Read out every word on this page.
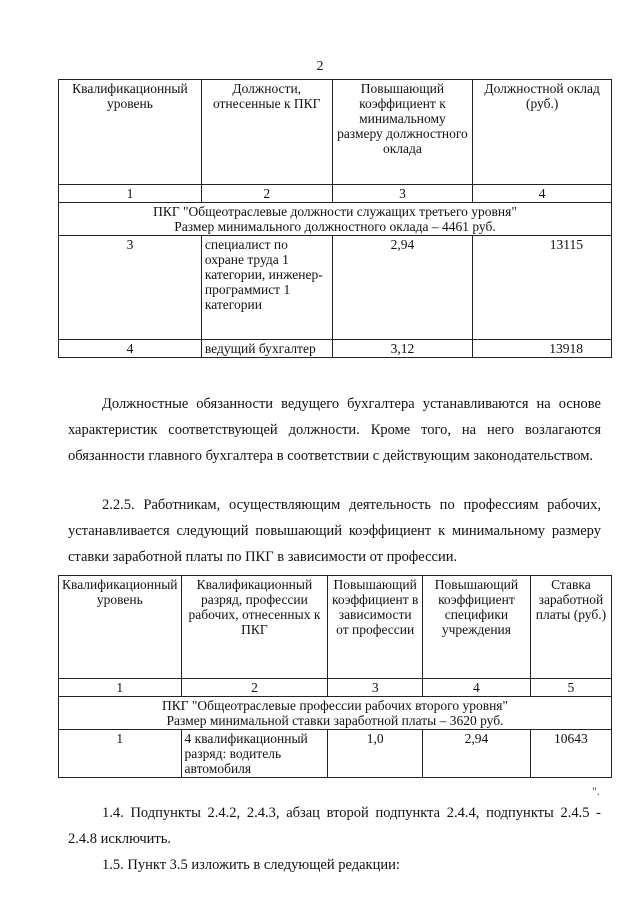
2
Квалификационный уровень	Должности, отнесенные к ПКГ	Повышающий коэффициент к минимальному размеру должностного оклада	Должностной оклад (руб.)
1	2	3	4

ПКГ "Общеотраслевые должности служащих третьего уровня"
Размер минимального должностного оклада – 4461 руб.			

3	специалист по охране труда 1 категории, инженер-программист 1 категории	2,94	13115
4	ведущий бухгалтер	3,12	13918
Должностные обязанности ведущего бухгалтера устанавливаются на основе характеристик соответствующей должности. Кроме того, на него возлагаются обязанности главного бухгалтера в соответствии с действующим законодательством.
2.2.5. Работникам, осуществляющим деятельность по профессиям рабочих, устанавливается следующий повышающий коэффициент к минимальному размеру ставки заработной платы по ПКГ в зависимости от профессии.
Квалификационный уровень	Квалификационный разряд, профессии рабочих, отнесенных к ПКГ	Повышающий коэффициент в зависимости от профессии	Повышающий коэффициент специфики учреждения	Ставка заработной платы (руб.)
1	2	3	4	5

ПКГ "Общеотраслевые профессии рабочих второго уровня"
Размер минимальной ставки заработной платы – 3620 руб.				

1	4 квалификационный разряд: водитель автомобиля	1,0	2,94	10643
".
1.4. Подпункты 2.4.2, 2.4.3, абзац второй подпункта 2.4.4, подпункты 2.4.5 - 2.4.8 исключить.
1.5. Пункт 3.5 изложить в следующей редакции:
